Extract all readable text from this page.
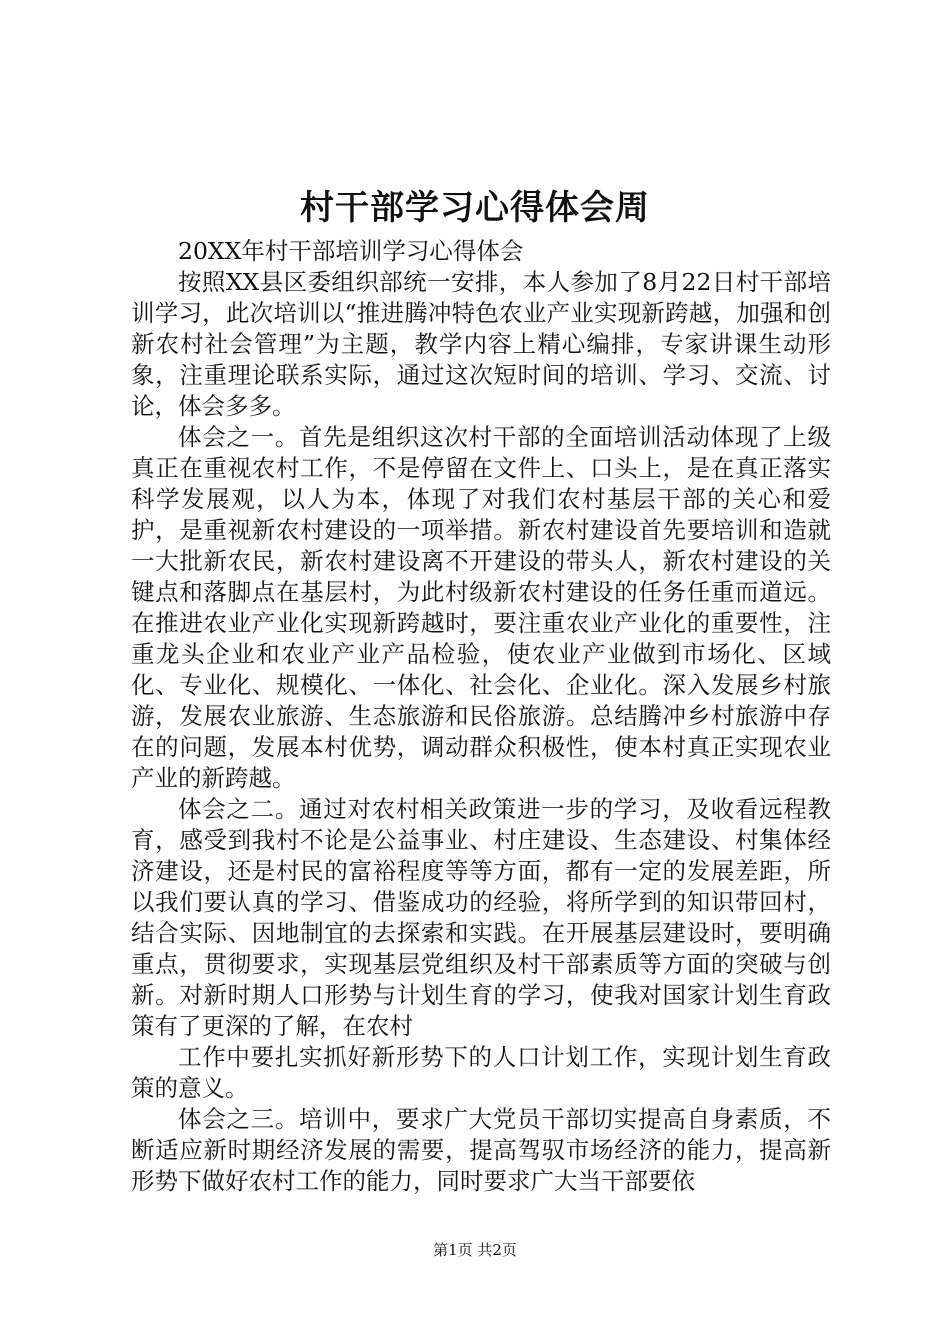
村干部学习心得体会周

20XX年村干部培训学习心得体会

按照XX县区委组织部统一安排，本人参加了8月22日村干部培训学习，此次培训以“推进腾冲特色农业产业实现新跨越，加强和创新农村社会管理”为主题，教学内容上精心编排，专家讲课生动形象，注重理论联系实际，通过这次短时间的培训、学习、交流、讨论，体会多多。

体会之一。首先是组织这次村干部的全面培训活动体现了上级真正在重视农村工作，不是停留在文件上、口头上，是在真正落实科学发展观，以人为本，体现了对我们农村基层干部的关心和爱护，是重视新农村建设的一项举措。新农村建设首先要培训和造就一大批新农民，新农村建设离不开建设的带头人，新农村建设的关键点和落脚点在基层村，为此村级新农村建设的任务任重而道远。在推进农业产业化实现新跨越时，要注重农业产业化的重要性，注重龙头企业和农业产业产品检验，使农业产业做到市场化、区域化、专业化、规模化、一体化、社会化、企业化。深入发展乡村旅游，发展农业旅游、生态旅游和民俗旅游。总结腾冲乡村旅游中存在的问题，发展本村优势，调动群众积极性，使本村真正实现农业产业的新跨越。

体会之二。通过对农村相关政策进一步的学习，及收看远程教育，感受到我村不论是公益事业、村庄建设、生态建设、村集体经济建设，还是村民的富裕程度等等方面，都有一定的发展差距，所以我们要认真的学习、借鉴成功的经验，将所学到的知识带回村，结合实际、因地制宜的去探索和实践。在开展基层建设时，要明确重点，贯彻要求，实现基层党组织及村干部素质等方面的突破与创新。对新时期人口形势与计划生育的学习，使我对国家计划生育政策有了更深的了解，在农村

工作中要扎实抓好新形势下的人口计划工作，实现计划生育政策的意义。

体会之三。培训中，要求广大党员干部切实提高自身素质，不断适应新时期经济发展的需要，提高驾驭市场经济的能力，提高新形势下做好农村工作的能力，同时要求广大当干部要依

第1页 共2页
